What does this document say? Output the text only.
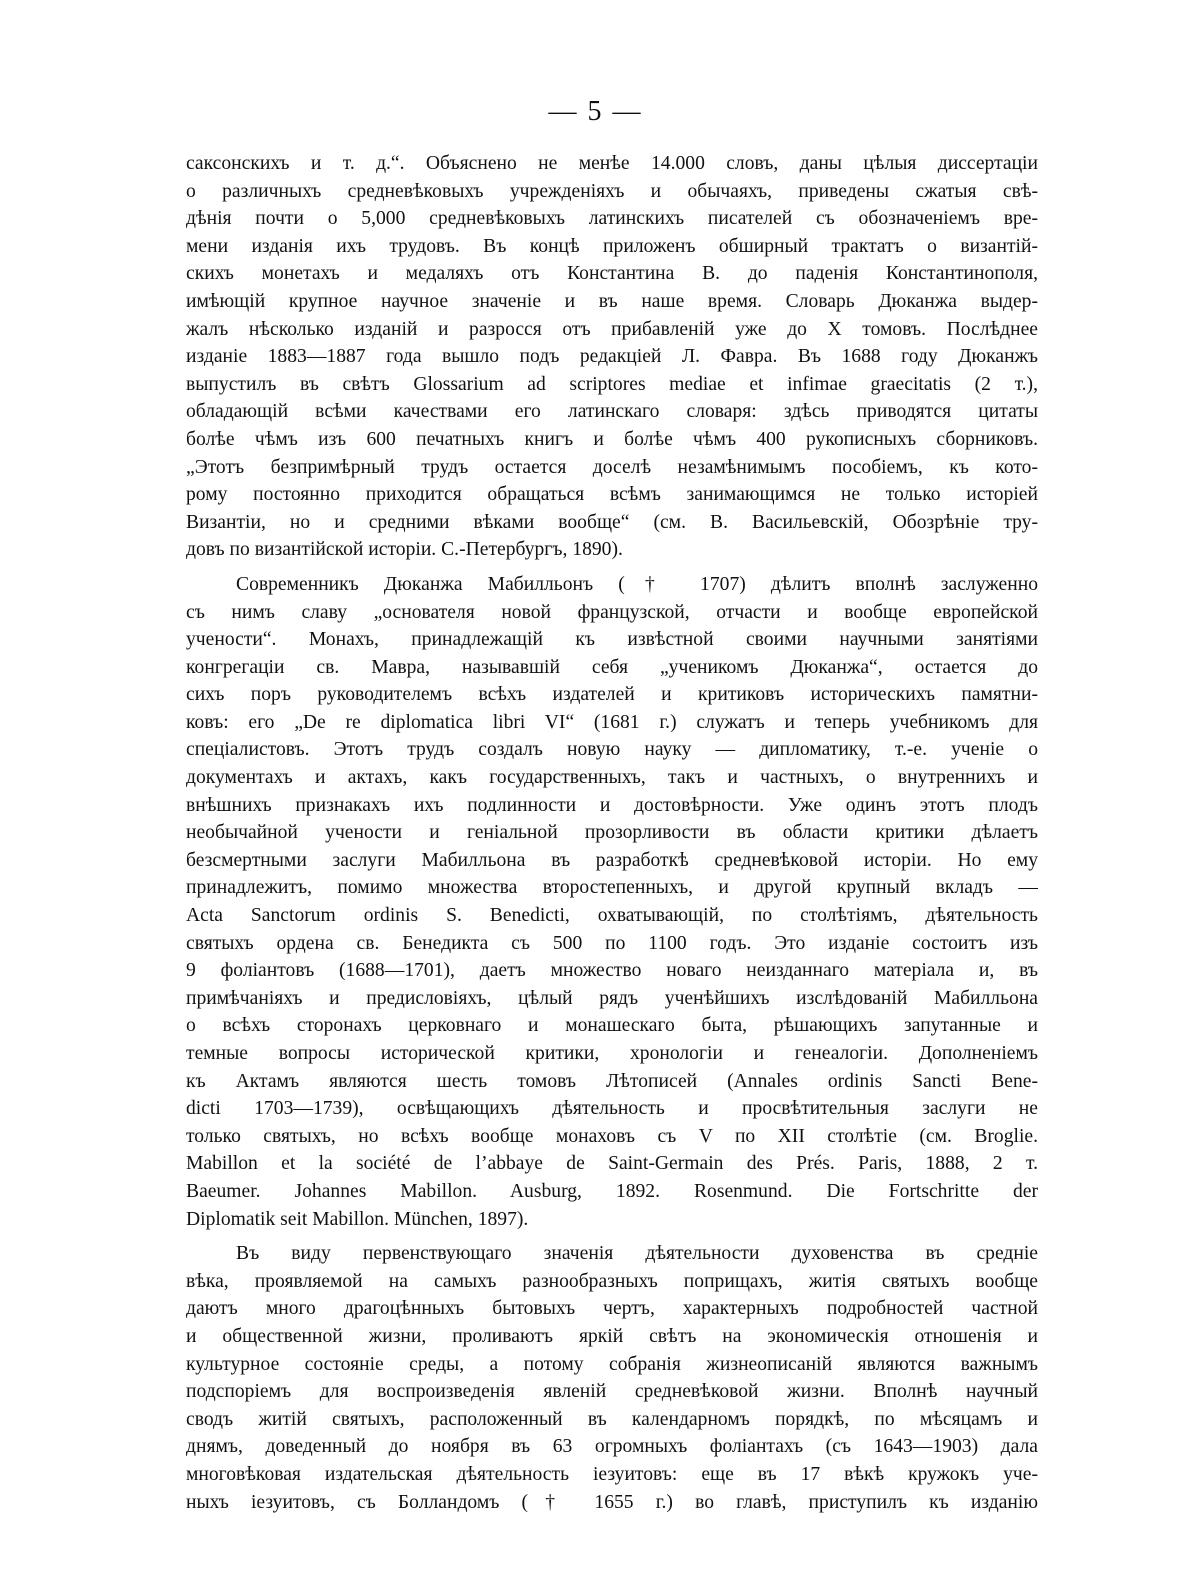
— 5 —
саксонскихъ и т. д.“. Объяснено не менѣе 14.000 словъ, даны цѣлыя диссертаціи
о различныхъ средневѣковыхъ учрежденіяхъ и обычаяхъ, приведены сжатыя свѣ-
дѣнія почти о 5,000 средневѣковыхъ латинскихъ писателей съ обозначеніемъ вре-
мени изданія ихъ трудовъ. Въ концѣ приложенъ обширный трактатъ о византій-
скихъ монетахъ и медаляхъ отъ Константина В. до паденія Константинополя,
имѣющій крупное научное значеніе и въ наше время. Словарь Дюканжа выдер-
жалъ нѣсколько изданій и разросся отъ прибавленій уже до X томовъ. Послѣднее
изданіе 1883—1887 года вышло подъ редакціей Л. Фавра. Въ 1688 году Дюканжъ
выпустилъ въ свѣтъ Glossarium ad scriptores mediae et infimae graecitatis (2 т.),
обладающій всѣми качествами его латинскаго словаря: здѣсь приводятся цитаты
болѣе чѣмъ изъ 600 печатныхъ книгъ и болѣе чѣмъ 400 рукописныхъ сборниковъ.
„Этотъ безпримѣрный трудъ остается доселѣ незамѣнимымъ пособіемъ, къ кото-
рому постоянно приходится обращаться всѣмъ занимающимся не только исторіей
Византіи, но и средними вѣками вообще“ (см. В. Васильевскій, Обозрѣніе тру-
довъ по византійской исторіи. С.-Петербургъ, 1890).
Современникъ Дюканжа Мабилльонъ († 1707) дѣлитъ вполнѣ заслуженно
съ нимъ славу „основателя новой французской, отчасти и вообще европейской
учености“. Монахъ, принадлежащій къ извѣстной своими научными занятіями
конгрегаціи св. Мавра, называвшій себя „ученикомъ Дюканжа“, остается до
сихъ поръ руководителемъ всѣхъ издателей и критиковъ историческихъ памятни-
ковъ: его „De re diplomatica libri VI“ (1681 г.) служатъ и теперь учебникомъ для
спеціалистовъ. Этотъ трудъ создалъ новую науку — дипломатику, т.-е. ученіе о
документахъ и актахъ, какъ государственныхъ, такъ и частныхъ, о внутреннихъ и
внѣшнихъ признакахъ ихъ подлинности и достовѣрности. Уже одинъ этотъ плодъ
необычайной учености и геніальной прозорливости въ области критики дѣлаетъ
безсмертными заслуги Мабилльона въ разработкѣ средневѣковой исторіи. Но ему
принадлежитъ, помимо множества второстепенныхъ, и другой крупный вкладъ —
Acta Sanctorum ordinis S. Benedicti, охватывающій, по столѣтіямъ, дѣятельность
святыхъ ордена св. Бенедикта съ 500 по 1100 годъ. Это изданіе состоитъ изъ
9 фоліантовъ (1688—1701), даетъ множество новаго неизданнаго матеріала и, въ
примѣчаніяхъ и предисловіяхъ, цѣлый рядъ ученѣйшихъ изслѣдованій Мабилльона
о всѣхъ сторонахъ церковнаго и монашескаго быта, рѣшающихъ запутанные и
темные вопросы исторической критики, хронологіи и генеалогіи. Дополненіемъ
къ Актамъ являются шесть томовъ Лѣтописей (Annales ordinis Sancti Bene-
dicti 1703—1739), освѣщающихъ дѣятельность и просвѣтительныя заслуги не
только святыхъ, но всѣхъ вообще монаховъ съ V по XII столѣтіе (см. Broglie.
Mabillon et la société de l’abbaye de Saint-Germain des Prés. Paris, 1888, 2 т.
Baeumer. Johannes Mabillon. Ausburg, 1892. Rosenmund. Die Fortschritte der
Diplomatik seit Mabillon. München, 1897).
Въ виду первенствующаго значенія дѣятельности духовенства въ средніе
вѣка, проявляемой на самыхъ разнообразныхъ поприщахъ, житія святыхъ вообще
даютъ много драгоцѣнныхъ бытовыхъ чертъ, характерныхъ подробностей частной
и общественной жизни, проливаютъ яркій свѣтъ на экономическія отношенія и
культурное состояніе среды, а потому собранія жизнеописаній являются важнымъ
подспоріемъ для воспроизведенія явленій средневѣковой жизни. Вполнѣ научный
сводъ житій святыхъ, расположенный въ календарномъ порядкѣ, по мѣсяцамъ и
днямъ, доведенный до ноября въ 63 огромныхъ фоліантахъ (съ 1643—1903) дала
многовѣковая издательская дѣятельность іезуитовъ: еще въ 17 вѣкѣ кружокъ уче-
ныхъ іезуитовъ, съ Болландомъ († 1655 г.) во главѣ, приступилъ къ изданію
